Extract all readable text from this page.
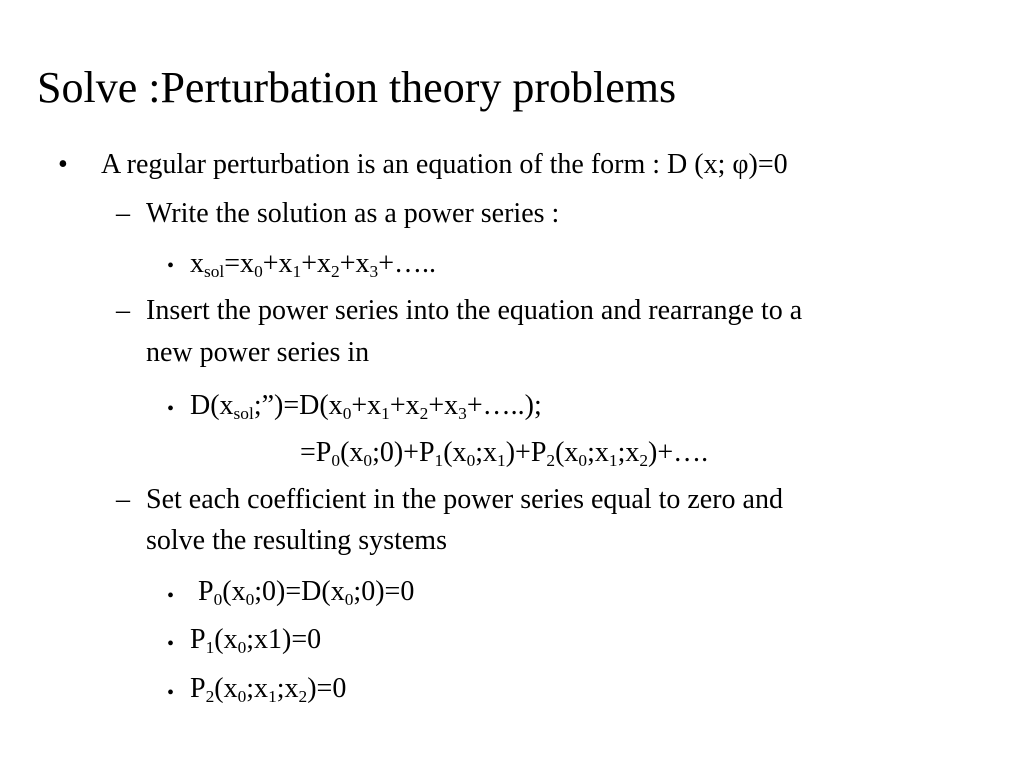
Solve :Perturbation theory problems
• A regular perturbation is an equation of the form : D (x; φ)=0
– Write the solution as a power series :
• $x_{sol}=x_0+x_1+x_2+x_3+\dots$..
– Insert the power series into the equation and rearrange to a
new power series in
• $D(x_{sol};”)=D(x_0+x_1+x_2+x_3+\dots..)$;
$=P_0(x_0;0)+P_1(x_0;x_1)+P_2(x_0;x_1;x_2)+\dots$.
– Set each coefficient in the power series equal to zero and
solve the resulting systems
• $P_0(x_0;0)=D(x_0;0)=0$
• $P_1(x_0;x1)=0$
• $P_2(x_0;x_1;x_2)=0$
